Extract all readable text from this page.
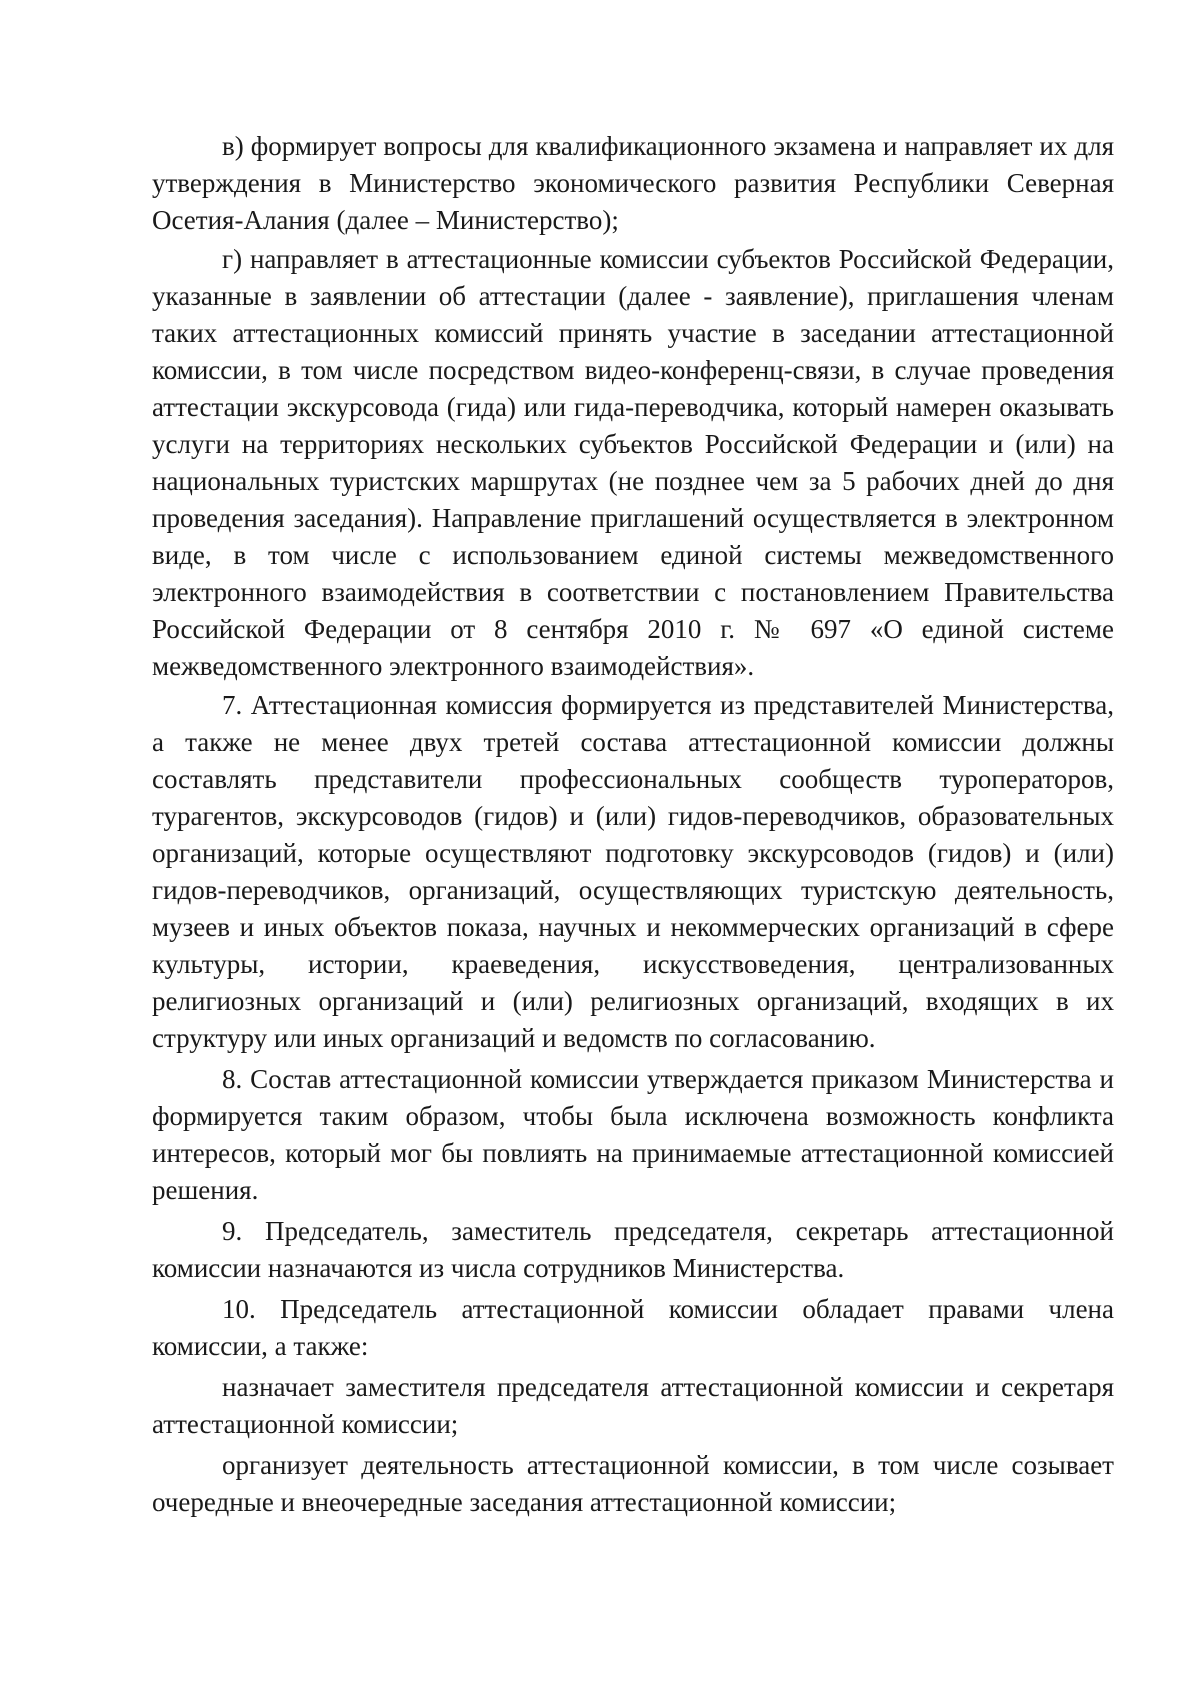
в) формирует вопросы для квалификационного экзамена и направляет их для утверждения в Министерство экономического развития Республики Северная Осетия-Алания (далее – Министерство);

г) направляет в аттестационные комиссии субъектов Российской Федерации, указанные в заявлении об аттестации (далее - заявление), приглашения членам таких аттестационных комиссий принять участие в заседании аттестационной комиссии, в том числе посредством видео-конференц-связи, в случае проведения аттестации экскурсовода (гида) или гида-переводчика, который намерен оказывать услуги на территориях нескольких субъектов Российской Федерации и (или) на национальных туристских маршрутах (не позднее чем за 5 рабочих дней до дня проведения заседания). Направление приглашений осуществляется в электронном виде, в том числе с использованием единой системы межведомственного электронного взаимодействия в соответствии с постановлением Правительства Российской Федерации от 8 сентября 2010 г. № 697 «О единой системе межведомственного электронного взаимодействия».

7. Аттестационная комиссия формируется из представителей Министерства, а также не менее двух третей состава аттестационной комиссии должны составлять представители профессиональных сообществ туроператоров, турагентов, экскурсоводов (гидов) и (или) гидов-переводчиков, образовательных организаций, которые осуществляют подготовку экскурсоводов (гидов) и (или) гидов-переводчиков, организаций, осуществляющих туристскую деятельность, музеев и иных объектов показа, научных и некоммерческих организаций в сфере культуры, истории, краеведения, искусствоведения, централизованных религиозных организаций и (или) религиозных организаций, входящих в их структуру или иных организаций и ведомств по согласованию.

8. Состав аттестационной комиссии утверждается приказом Министерства и формируется таким образом, чтобы была исключена возможность конфликта интересов, который мог бы повлиять на принимаемые аттестационной комиссией решения.

9. Председатель, заместитель председателя, секретарь аттестационной комиссии назначаются из числа сотрудников Министерства.

10. Председатель аттестационной комиссии обладает правами члена комиссии, а также:

назначает заместителя председателя аттестационной комиссии и секретаря аттестационной комиссии;

организует деятельность аттестационной комиссии, в том числе созывает очередные и внеочередные заседания аттестационной комиссии;
